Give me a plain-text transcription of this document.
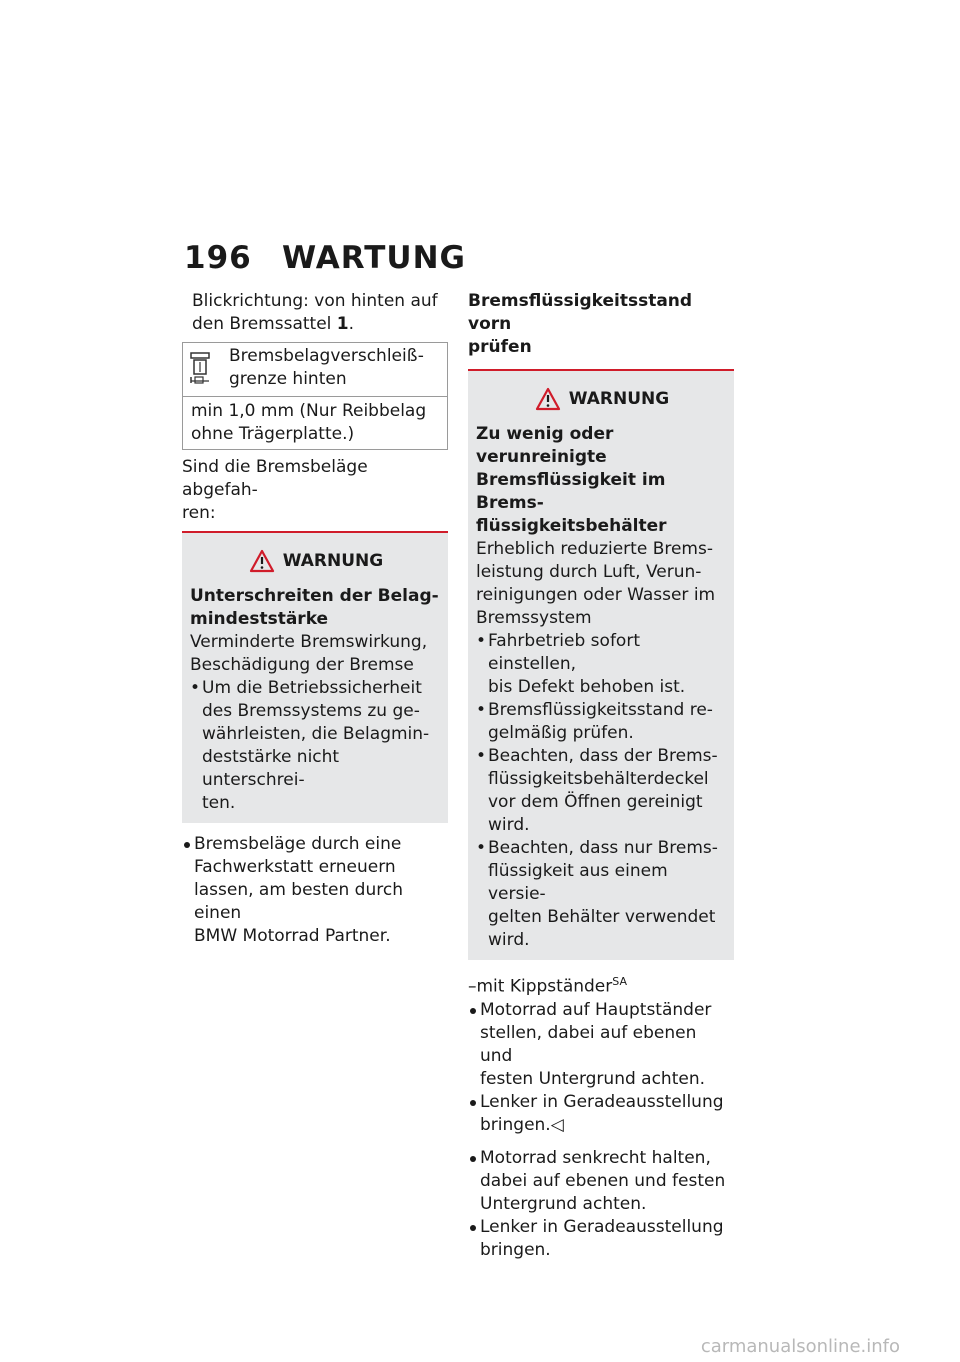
196 WARTUNG

Blickrichtung: von hinten auf

den Bremssattel 1.

Bremsbelagverschleiß-

grenze hinten

min 1,0 mm (Nur Reibbelag

ohne Trägerplatte.)

Sind die Bremsbeläge abgefah-

ren:

WARNUNG

Unterschreiten der Belag-

mindeststärke

Verminderte Bremswirkung,

Beschädigung der Bremse

• Um die Betriebssicherheit

des Bremssystems zu ge-

währleisten, die Belagmin-

deststärke nicht unterschrei-

ten.

Bremsbeläge durch eine

Fachwerkstatt erneuern

lassen, am besten durch einen

BMW Motorrad Partner.

Bremsflüssigkeitsstand vorn

prüfen

WARNUNG

Zu wenig oder verunreinigte

Bremsflüssigkeit im Brems-

flüssigkeitsbehälter

Erheblich reduzierte Brems-

leistung durch Luft, Verun-

reinigungen oder Wasser im

Bremssystem

• Fahrbetrieb sofort einstellen,

bis Defekt behoben ist.

• Bremsflüssigkeitsstand re-

gelmäßig prüfen.

• Beachten, dass der Brems-

flüssigkeitsbehälterdeckel

vor dem Öffnen gereinigt

wird.

• Beachten, dass nur Brems-

flüssigkeit aus einem versie-

gelten Behälter verwendet

wird.

–mit Kippständer$^{SA}$

Motorrad auf Hauptständer

stellen, dabei auf ebenen und

festen Untergrund achten.

Lenker in Geradeausstellung

bringen.◁

Motorrad senkrecht halten,

dabei auf ebenen und festen

Untergrund achten.

Lenker in Geradeausstellung

bringen.

carmanualsonline.info
